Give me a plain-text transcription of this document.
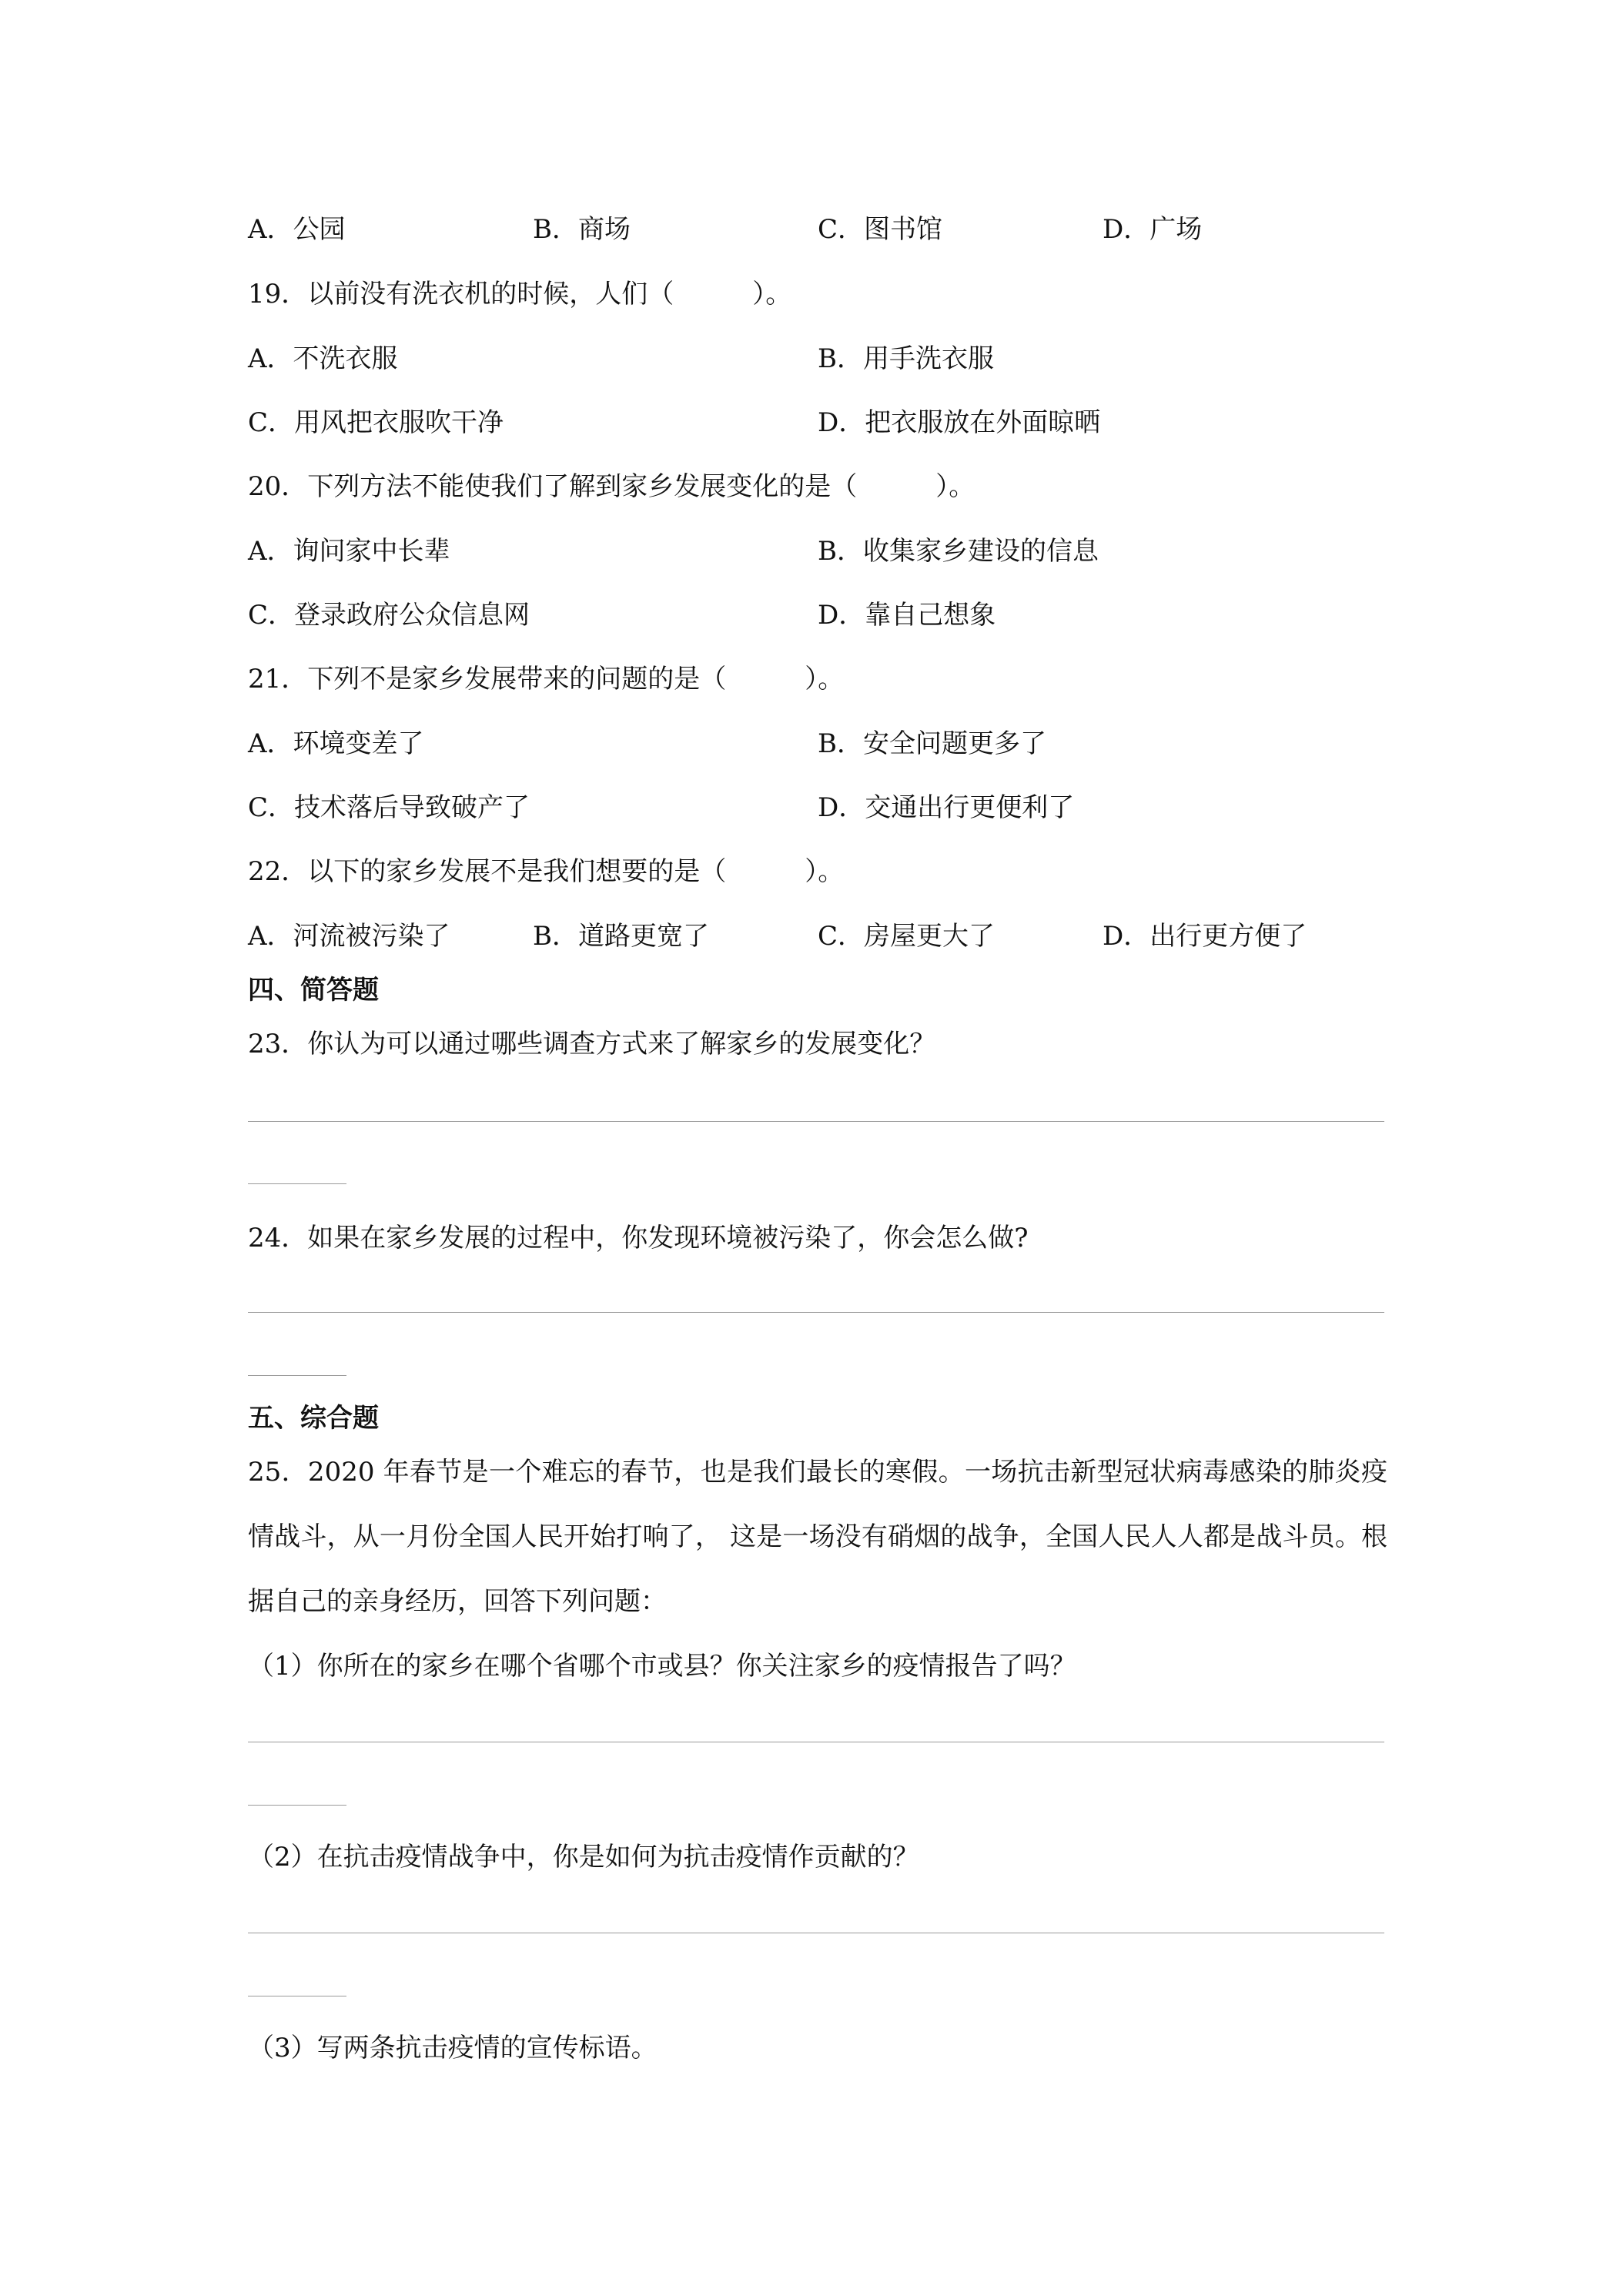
A．公园	B．商场	C．图书馆	D．广场
19．以前没有洗衣机的时候，人们（　　　）。
A．不洗衣服	B．用手洗衣服
C．用风把衣服吹干净	D．把衣服放在外面晾晒
20．下列方法不能使我们了解到家乡发展变化的是（　　　）。
A．询问家中长辈	B．收集家乡建设的信息
C．登录政府公众信息网	D．靠自己想象
21．下列不是家乡发展带来的问题的是（　　　）。
A．环境变差了	B．安全问题更多了
C．技术落后导致破产了	D．交通出行更便利了
22．以下的家乡发展不是我们想要的是（　　　）。
A．河流被污染了	B．道路更宽了	C．房屋更大了	D．出行更方便了
四、简答题
23．你认为可以通过哪些调查方式来了解家乡的发展变化？
24．如果在家乡发展的过程中，你发现环境被污染了，你会怎么做?
五、综合题
25．2020 年春节是一个难忘的春节，也是我们最长的寒假。一场抗击新型冠状病毒感染的肺炎疫情战斗，从一月份全国人民开始打响了， 这是一场没有硝烟的战争，全国人民人人都是战斗员。根据自己的亲身经历，回答下列问题：
（1）你所在的家乡在哪个省哪个市或县？你关注家乡的疫情报告了吗？
（2）在抗击疫情战争中，你是如何为抗击疫情作贡献的？
（3）写两条抗击疫情的宣传标语。
